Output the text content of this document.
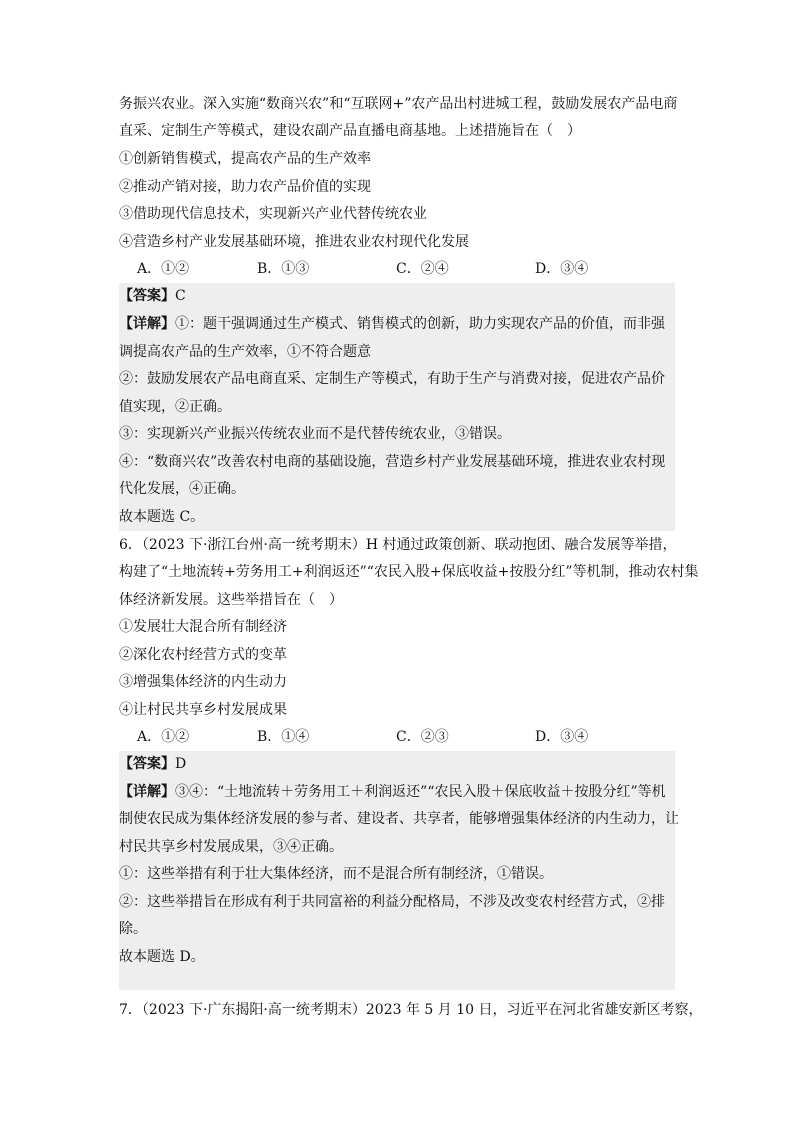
务振兴农业。深入实施“数商兴农”和“互联网+”农产品出村进城工程，鼓励发展农产品电商
直采、定制生产等模式，建设农副产品直播电商基地。上述措施旨在（　）
①创新销售模式，提高农产品的生产效率
②推动产销对接，助力农产品价值的实现
③借助现代信息技术，实现新兴产业代替传统农业
④营造乡村产业发展基础环境，推进农业农村现代化发展
A．①②	B．①③	C．②④	D．③④
【答案】C
【详解】①：题干强调通过生产模式、销售模式的创新，助力实现农产品的价值，而非强
调提高农产品的生产效率，①不符合题意
②：鼓励发展农产品电商直采、定制生产等模式，有助于生产与消费对接，促进农产品价
值实现，②正确。
③：实现新兴产业振兴传统农业而不是代替传统农业，③错误。
④：“数商兴农”改善农村电商的基础设施，营造乡村产业发展基础环境，推进农业农村现
代化发展，④正确。
故本题选 C。
6．（2023 下·浙江台州·高一统考期末）H 村通过政策创新、联动抱团、融合发展等举措，
构建了“土地流转+劳务用工+利润返还”“农民入股+保底收益+按股分红”等机制，推动农村集
体经济新发展。这些举措旨在（　）
①发展壮大混合所有制经济
②深化农村经营方式的变革
③增强集体经济的内生动力
④让村民共享乡村发展成果
A．①②	B．①④	C．②③	D．③④
【答案】D
【详解】③④：“土地流转＋劳务用工＋利润返还”“农民入股＋保底收益＋按股分红”等机
制使农民成为集体经济发展的参与者、建设者、共享者，能够增强集体经济的内生动力，让
村民共享乡村发展成果，③④正确。
①：这些举措有利于壮大集体经济，而不是混合所有制经济，①错误。
②：这些举措旨在形成有利于共同富裕的利益分配格局，不涉及改变农村经营方式，②排
除。
故本题选 D。
7．（2023 下·广东揭阳·高一统考期末）2023 年 5 月 10 日，习近平在河北省雄安新区考察，
